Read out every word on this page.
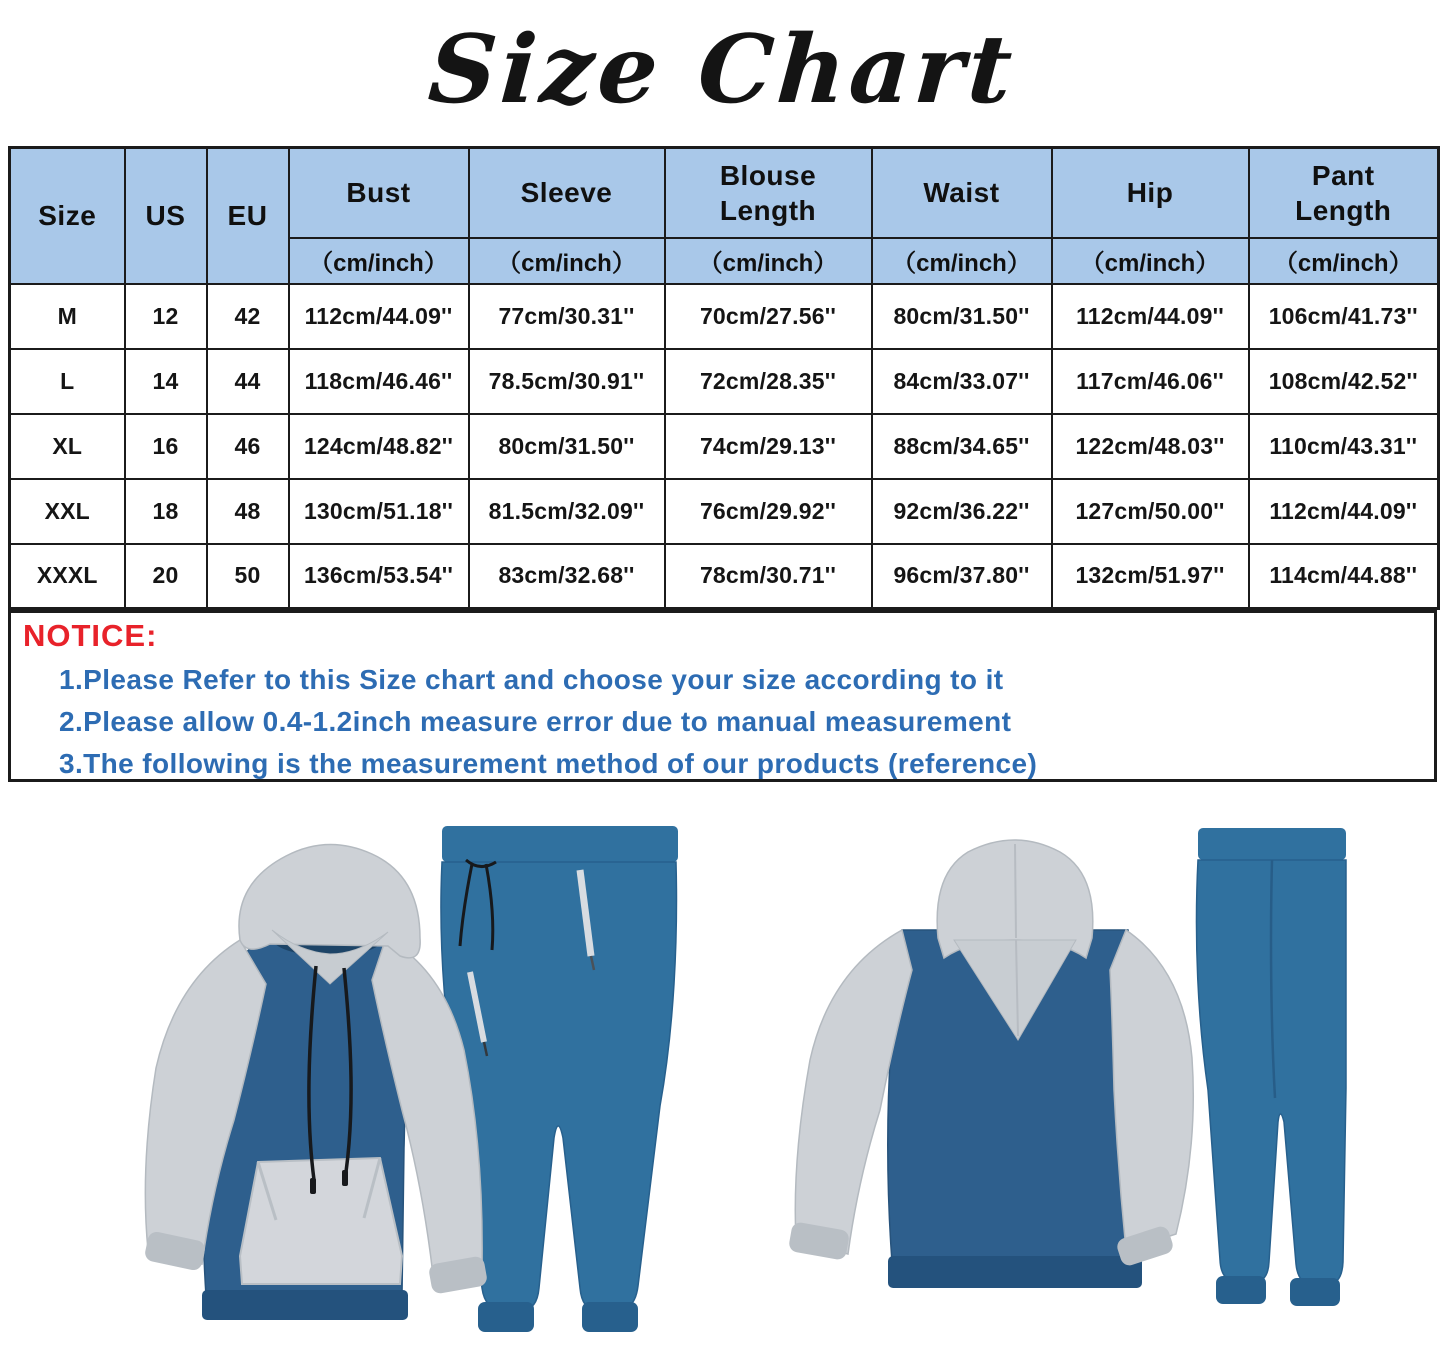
Size Chart
Size	US	EU	Bust	Sleeve	Blouse Length	Waist	Hip	Pant Length

			（cm/inch）	（cm/inch）	（cm/inch）	（cm/inch）	（cm/inch）	（cm/inch）
M	12	42	112cm/44.09''	77cm/30.31''	70cm/27.56''	80cm/31.50''	112cm/44.09''	106cm/41.73''
L	14	44	118cm/46.46''	78.5cm/30.91''	72cm/28.35''	84cm/33.07''	117cm/46.06''	108cm/42.52''
XL	16	46	124cm/48.82''	80cm/31.50''	74cm/29.13''	88cm/34.65''	122cm/48.03''	110cm/43.31''
XXL	18	48	130cm/51.18''	81.5cm/32.09''	76cm/29.92''	92cm/36.22''	127cm/50.00''	112cm/44.09''
XXXL	20	50	136cm/53.54''	83cm/32.68''	78cm/30.71''	96cm/37.80''	132cm/51.97''	114cm/44.88''
NOTICE:
1.Please Refer to this Size chart and choose your size according to it
2.Please allow 0.4-1.2inch measure error due to manual measurement
3.The following is the measurement method of our products (reference)
